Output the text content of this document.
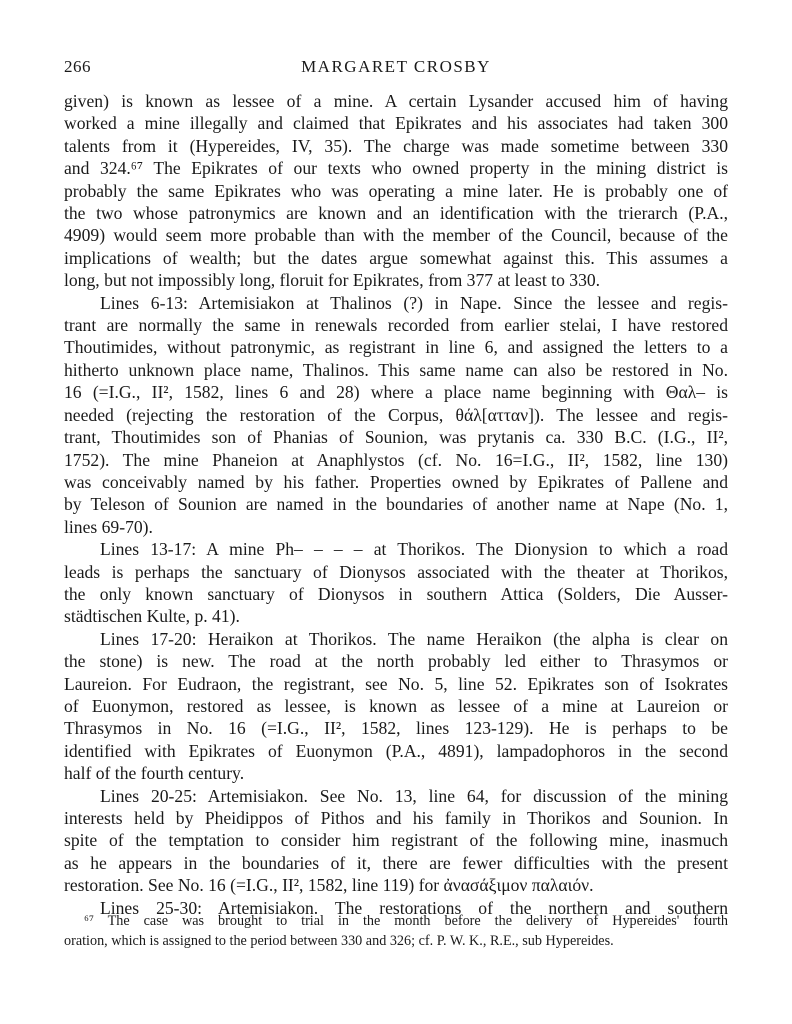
266	MARGARET CROSBY

given) is known as lessee of a mine. A certain Lysander accused him of having
worked a mine illegally and claimed that Epikrates and his associates had taken 300
talents from it (Hypereides, IV, 35). The charge was made sometime between 330
and 324.⁶⁷ The Epikrates of our texts who owned property in the mining district is
probably the same Epikrates who was operating a mine later. He is probably one of
the two whose patronymics are known and an identification with the trierarch (P.A.,
4909) would seem more probable than with the member of the Council, because of the
implications of wealth; but the dates argue somewhat against this. This assumes a
long, but not impossibly long, floruit for Epikrates, from 377 at least to 330.

Lines 6-13: Artemisiakon at Thalinos (?) in Nape. Since the lessee and regis-
trant are normally the same in renewals recorded from earlier stelai, I have restored
Thoutimides, without patronymic, as registrant in line 6, and assigned the letters to a
hitherto unknown place name, Thalinos. This same name can also be restored in No.
16 (=I.G., II², 1582, lines 6 and 28) where a place name beginning with Θαλ– is
needed (rejecting the restoration of the Corpus, θάλ[ατταν]). The lessee and regis-
trant, Thoutimides son of Phanias of Sounion, was prytanis ca. 330 B.C. (I.G., II²,
1752). The mine Phaneion at Anaphlystos (cf. No. 16=I.G., II², 1582, line 130)
was conceivably named by his father. Properties owned by Epikrates of Pallene and
by Teleson of Sounion are named in the boundaries of another name at Nape (No. 1,
lines 69-70).

Lines 13-17: A mine Ph– – – – at Thorikos. The Dionysion to which a road
leads is perhaps the sanctuary of Dionysos associated with the theater at Thorikos,
the only known sanctuary of Dionysos in southern Attica (Solders, Die Ausser-
städtischen Kulte, p. 41).

Lines 17-20: Heraikon at Thorikos. The name Heraikon (the alpha is clear on
the stone) is new. The road at the north probably led either to Thrasymos or
Laureion. For Eudraon, the registrant, see No. 5, line 52. Epikrates son of Isokrates
of Euonymon, restored as lessee, is known as lessee of a mine at Laureion or
Thrasymos in No. 16 (=I.G., II², 1582, lines 123-129). He is perhaps to be
identified with Epikrates of Euonymon (P.A., 4891), lampadophoros in the second
half of the fourth century.

Lines 20-25: Artemisiakon. See No. 13, line 64, for discussion of the mining
interests held by Pheidippos of Pithos and his family in Thorikos and Sounion. In
spite of the temptation to consider him registrant of the following mine, inasmuch
as he appears in the boundaries of it, there are fewer difficulties with the present
restoration. See No. 16 (=I.G., II², 1582, line 119) for ἀνασάξιμον παλαιόν.

Lines 25-30: Artemisiakon. The restorations of the northern and southern

⁶⁷ The case was brought to trial in the month before the delivery of Hypereides' fourth
oration, which is assigned to the period between 330 and 326; cf. P. W. K., R.E., sub Hypereides.
